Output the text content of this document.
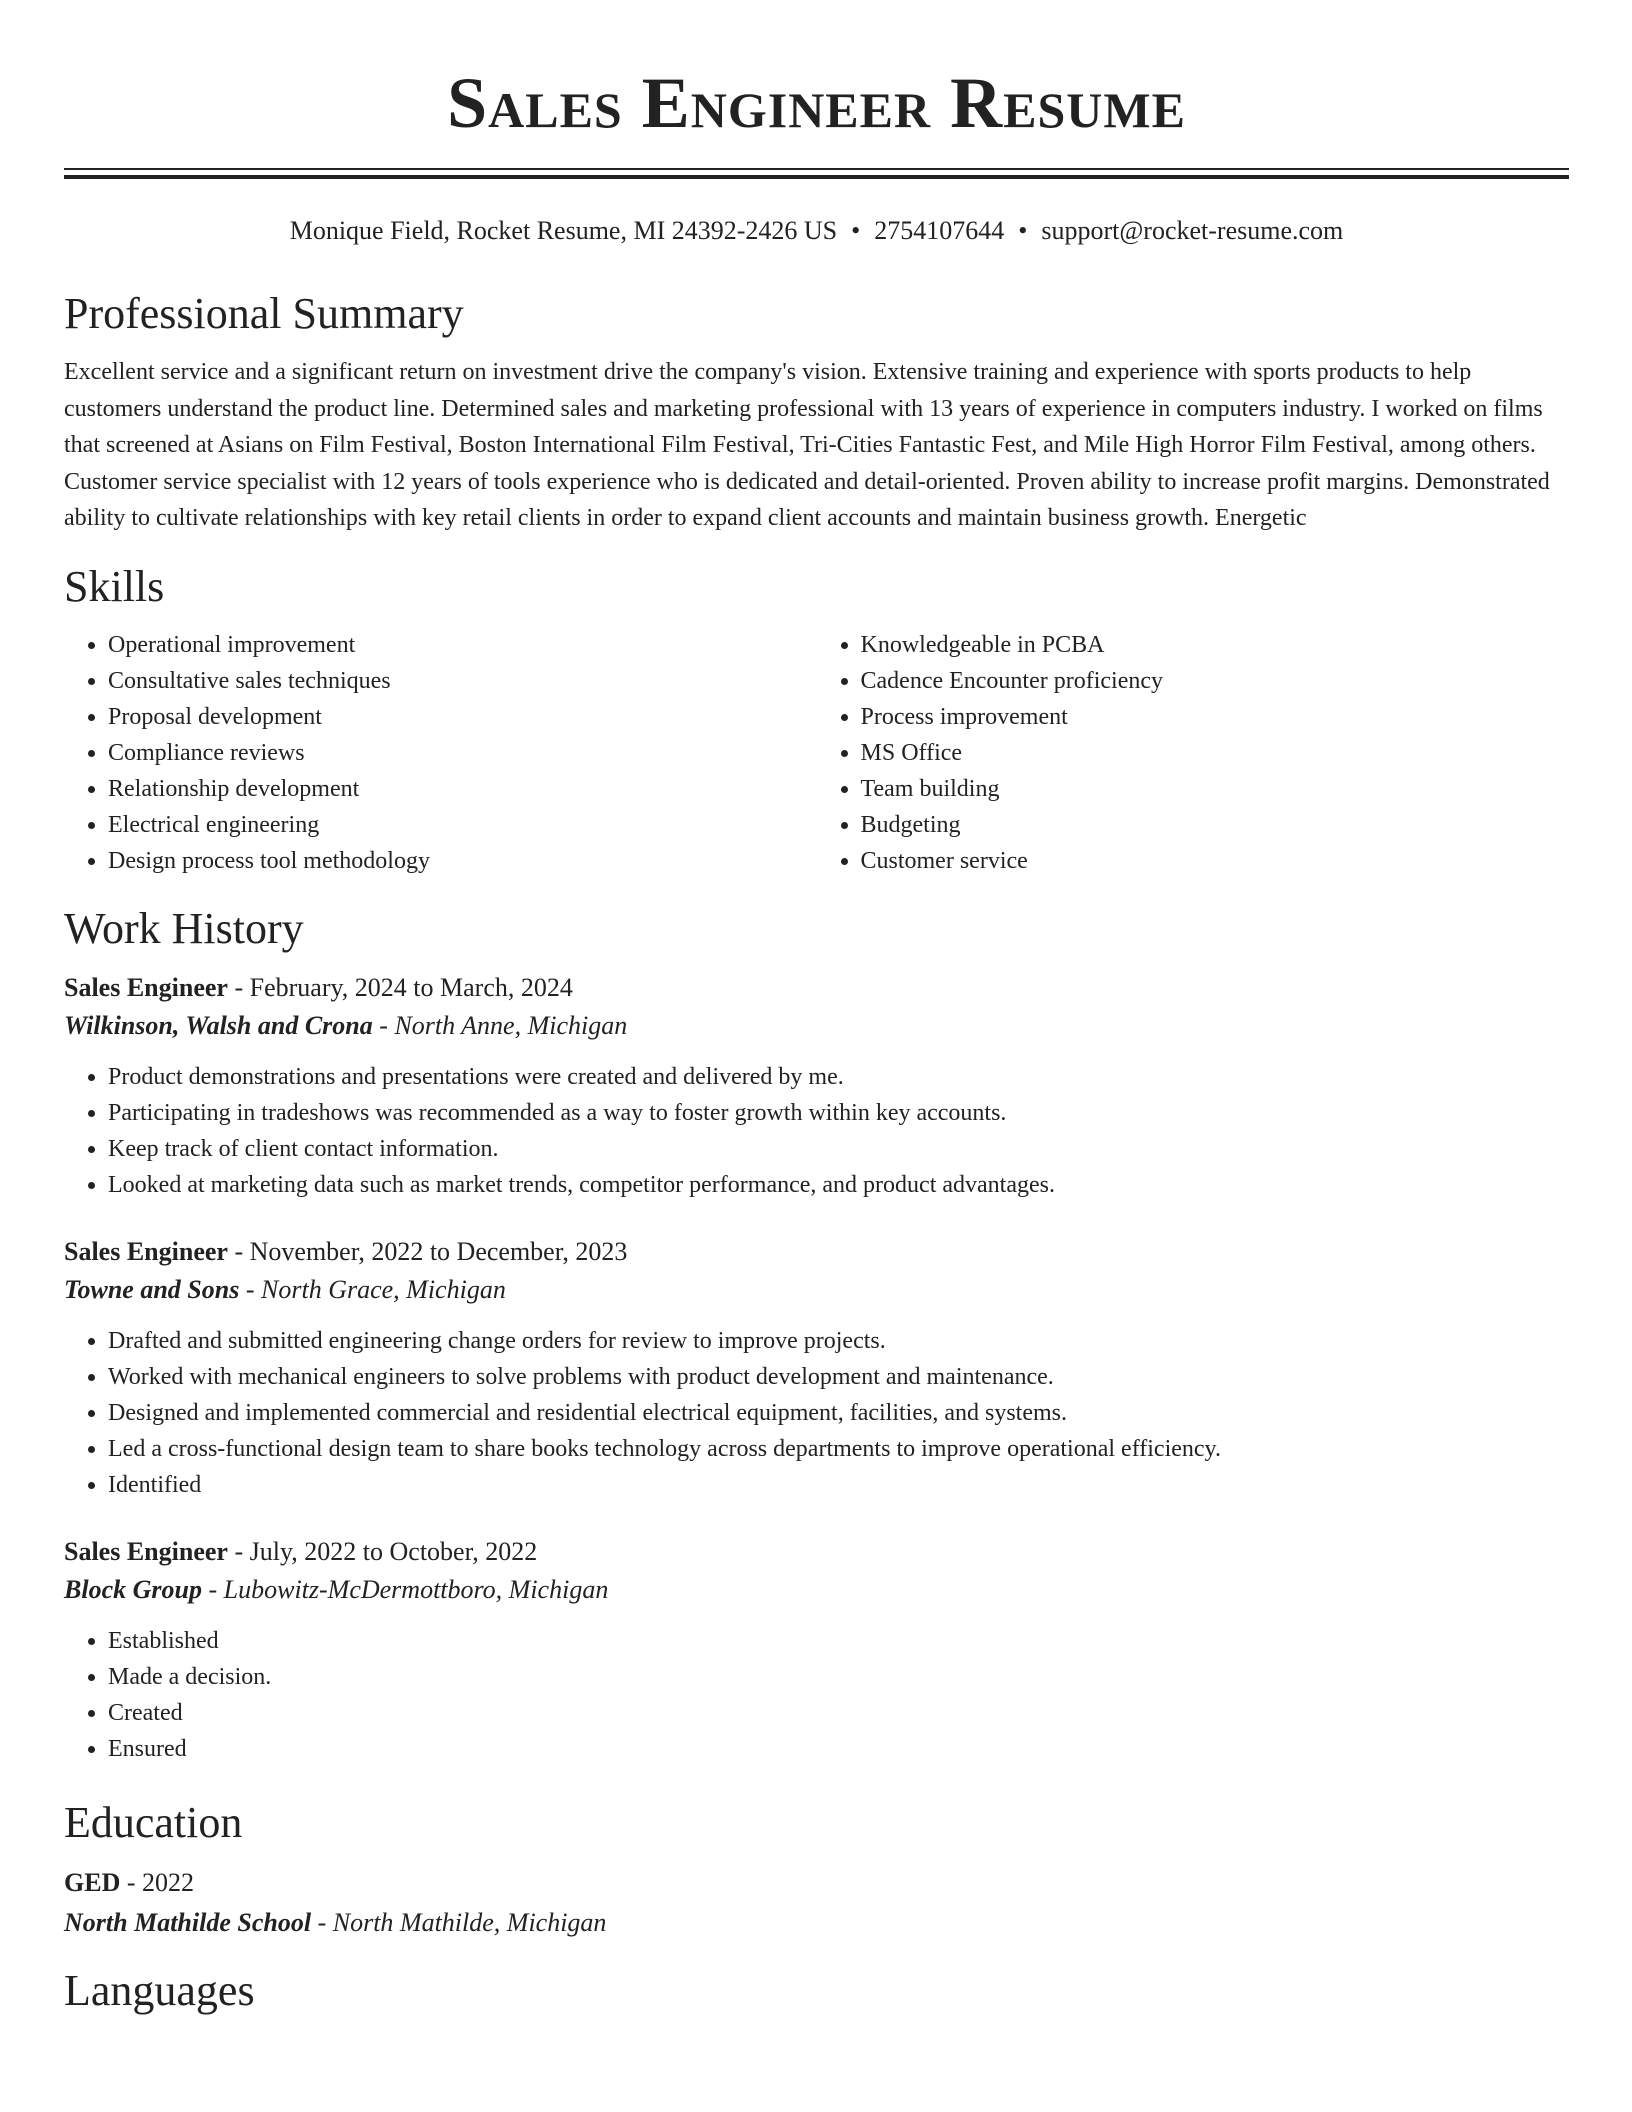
Sales Engineer Resume
Monique Field, Rocket Resume, MI 24392-2426 US • 2754107644 • support@rocket-resume.com
Professional Summary

Excellent service and a significant return on investment drive the company's vision. Extensive training and experience with sports products to help customers understand the product line. Determined sales and marketing professional with 13 years of experience in computers industry. I worked on films that screened at Asians on Film Festival, Boston International Film Festival, Tri-Cities Fantastic Fest, and Mile High Horror Film Festival, among others. Customer service specialist with 12 years of tools experience who is dedicated and detail-oriented. Proven ability to increase profit margins. Demonstrated ability to cultivate relationships with key retail clients in order to expand client accounts and maintain business growth. Energetic

Skills
• Operational improvement
• Consultative sales techniques
• Proposal development
• Compliance reviews
• Relationship development
• Electrical engineering
• Design process tool methodology
• Knowledgeable in PCBA
• Cadence Encounter proficiency
• Process improvement
• MS Office
• Team building
• Budgeting
• Customer service
Work History
Sales Engineer - February, 2024 to March, 2024
Wilkinson, Walsh and Crona - North Anne, Michigan
• Product demonstrations and presentations were created and delivered by me.
• Participating in tradeshows was recommended as a way to foster growth within key accounts.
• Keep track of client contact information.
• Looked at marketing data such as market trends, competitor performance, and product advantages.
Sales Engineer - November, 2022 to December, 2023
Towne and Sons - North Grace, Michigan
• Drafted and submitted engineering change orders for review to improve projects.
• Worked with mechanical engineers to solve problems with product development and maintenance.
• Designed and implemented commercial and residential electrical equipment, facilities, and systems.
• Led a cross-functional design team to share books technology across departments to improve operational efficiency.
• Identified
Sales Engineer - July, 2022 to October, 2022
Block Group - Lubowitz-McDermottboro, Michigan
• Established
• Made a decision.
• Created
• Ensured
Education
GED - 2022
North Mathilde School - North Mathilde, Michigan
Languages
